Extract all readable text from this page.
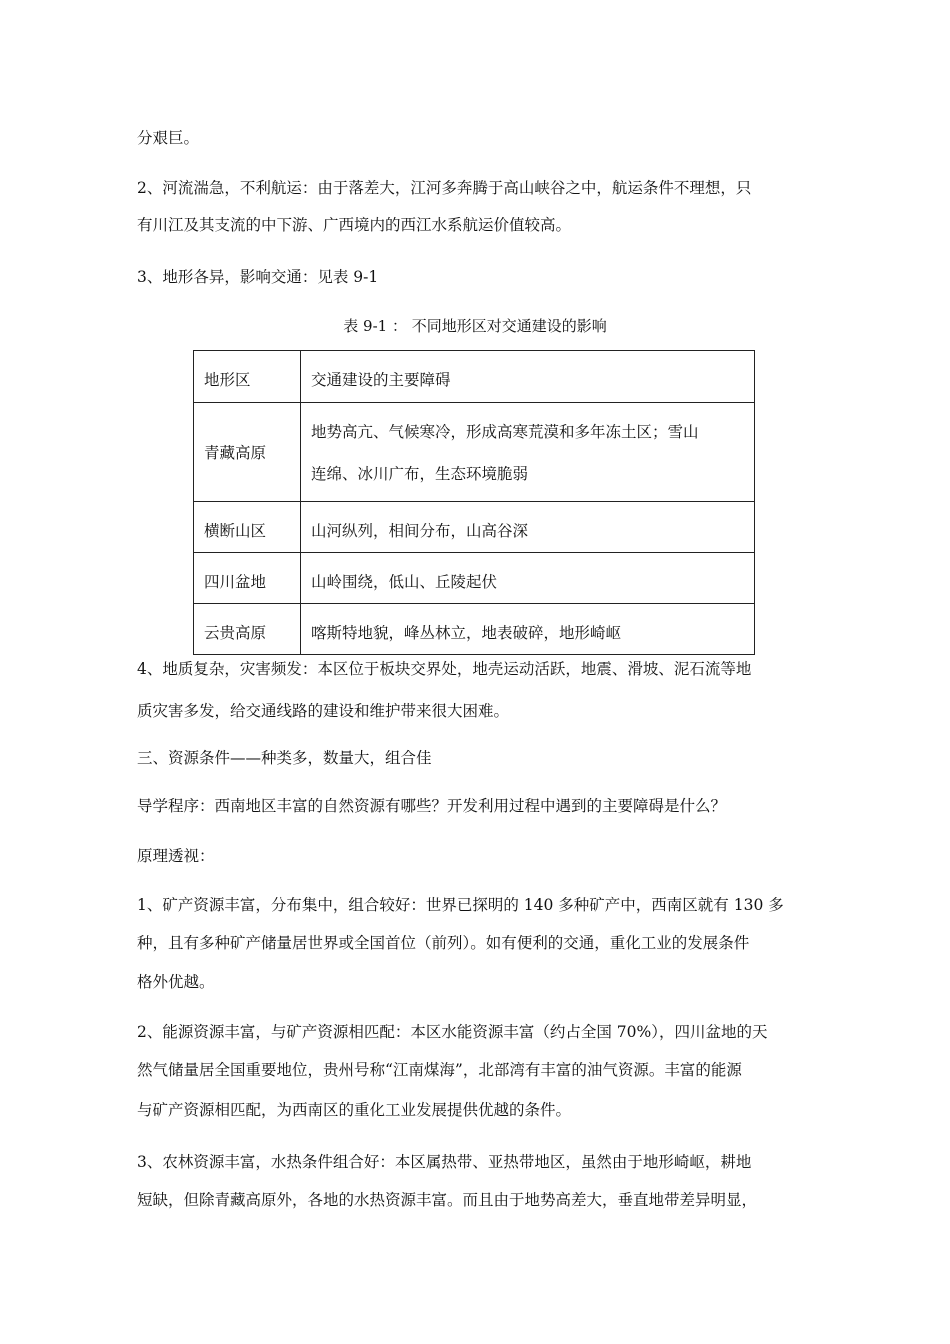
分艰巨。
2、河流湍急，不利航运：由于落差大，江河多奔腾于高山峡谷之中，航运条件不理想，只
有川江及其支流的中下游、广西境内的西江水系航运价值较高。
3、地形各异，影响交通：见表 9-1
表 9-1 ： 不同地形区对交通建设的影响
地形区	交通建设的主要障碍

青藏高原	地势高亢、气候寒冷，形成高寒荒漠和多年冻土区；雪山

连绵、冰川广布，生态环境脆弱

横断山区	山河纵列，相间分布，山高谷深
四川盆地	山岭围绕，低山、丘陵起伏
云贵高原	喀斯特地貌，峰丛林立，地表破碎，地形崎岖
4、地质复杂，灾害频发：本区位于板块交界处，地壳运动活跃，地震、滑坡、泥石流等地
质灾害多发，给交通线路的建设和维护带来很大困难。
三、资源条件——种类多，数量大，组合佳
导学程序：西南地区丰富的自然资源有哪些？开发利用过程中遇到的主要障碍是什么？
原理透视：
1、矿产资源丰富，分布集中，组合较好：世界已探明的 140 多种矿产中，西南区就有 130 多
种，且有多种矿产储量居世界或全国首位（前列）。如有便利的交通，重化工业的发展条件
格外优越。
2、能源资源丰富，与矿产资源相匹配：本区水能资源丰富（约占全国 70%），四川盆地的天
然气储量居全国重要地位，贵州号称“江南煤海”，北部湾有丰富的油气资源。丰富的能源
与矿产资源相匹配，为西南区的重化工业发展提供优越的条件。
3、农林资源丰富，水热条件组合好：本区属热带、亚热带地区，虽然由于地形崎岖，耕地
短缺，但除青藏高原外，各地的水热资源丰富。而且由于地势高差大，垂直地带差异明显，
